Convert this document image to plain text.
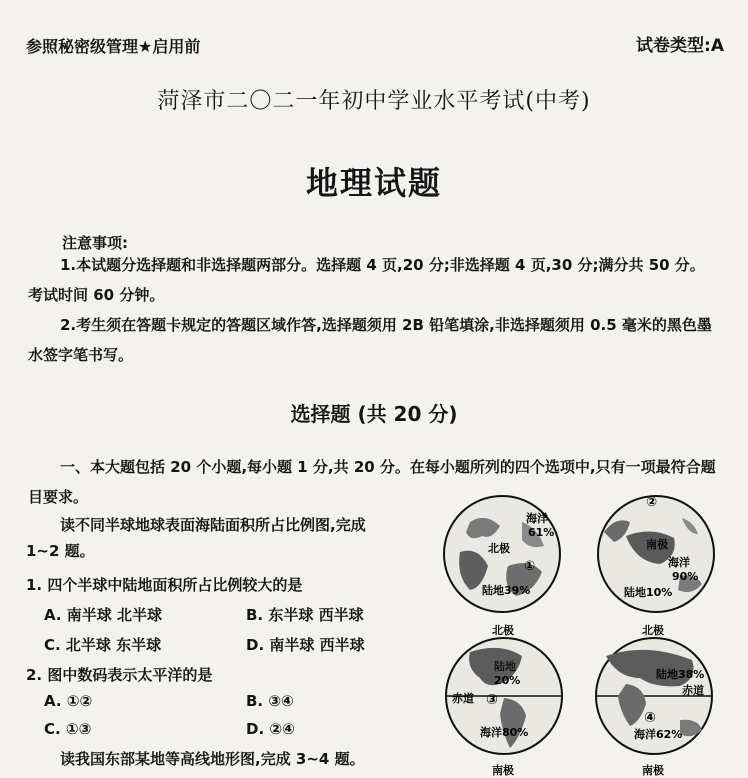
参照秘密级管理★启用前	试卷类型:A
菏泽市二〇二一年初中学业水平考试(中考)
地理试题
注意事项:
1.本试题分选择题和非选择题两部分。选择题 4 页,20 分;非选择题 4 页,30 分;满分共 50 分。考试时间 60 分钟。
2.考生须在答题卡规定的答题区域作答,选择题须用 2B 铅笔填涂,非选择题须用 0.5 毫米的黑色墨水签字笔书写。
选择题 (共 20 分)
一、本大题包括 20 个小题,每小题 1 分,共 20 分。在每小题所列的四个选项中,只有一项最符合题目要求。
读不同半球地球表面海陆面积所占比例图,完成
1~2 题。
1. 四个半球中陆地面积所占比例较大的是
A. 南半球 北半球	B. 东半球 西半球
C. 北半球 东半球	D. 南半球 西半球
2. 图中数码表示太平洋的是
A. ①②	B. ③④
C. ①③	D. ②④
读我国东部某地等高线地形图,完成 3~4 题。
海洋
61%
北极
①
陆地39%
②
南极
海洋
90%
陆地10%
北极
陆地
20%
赤道 ③
海洋80%
南极
北极
陆地38%
赤道
④
海洋62%
南极
